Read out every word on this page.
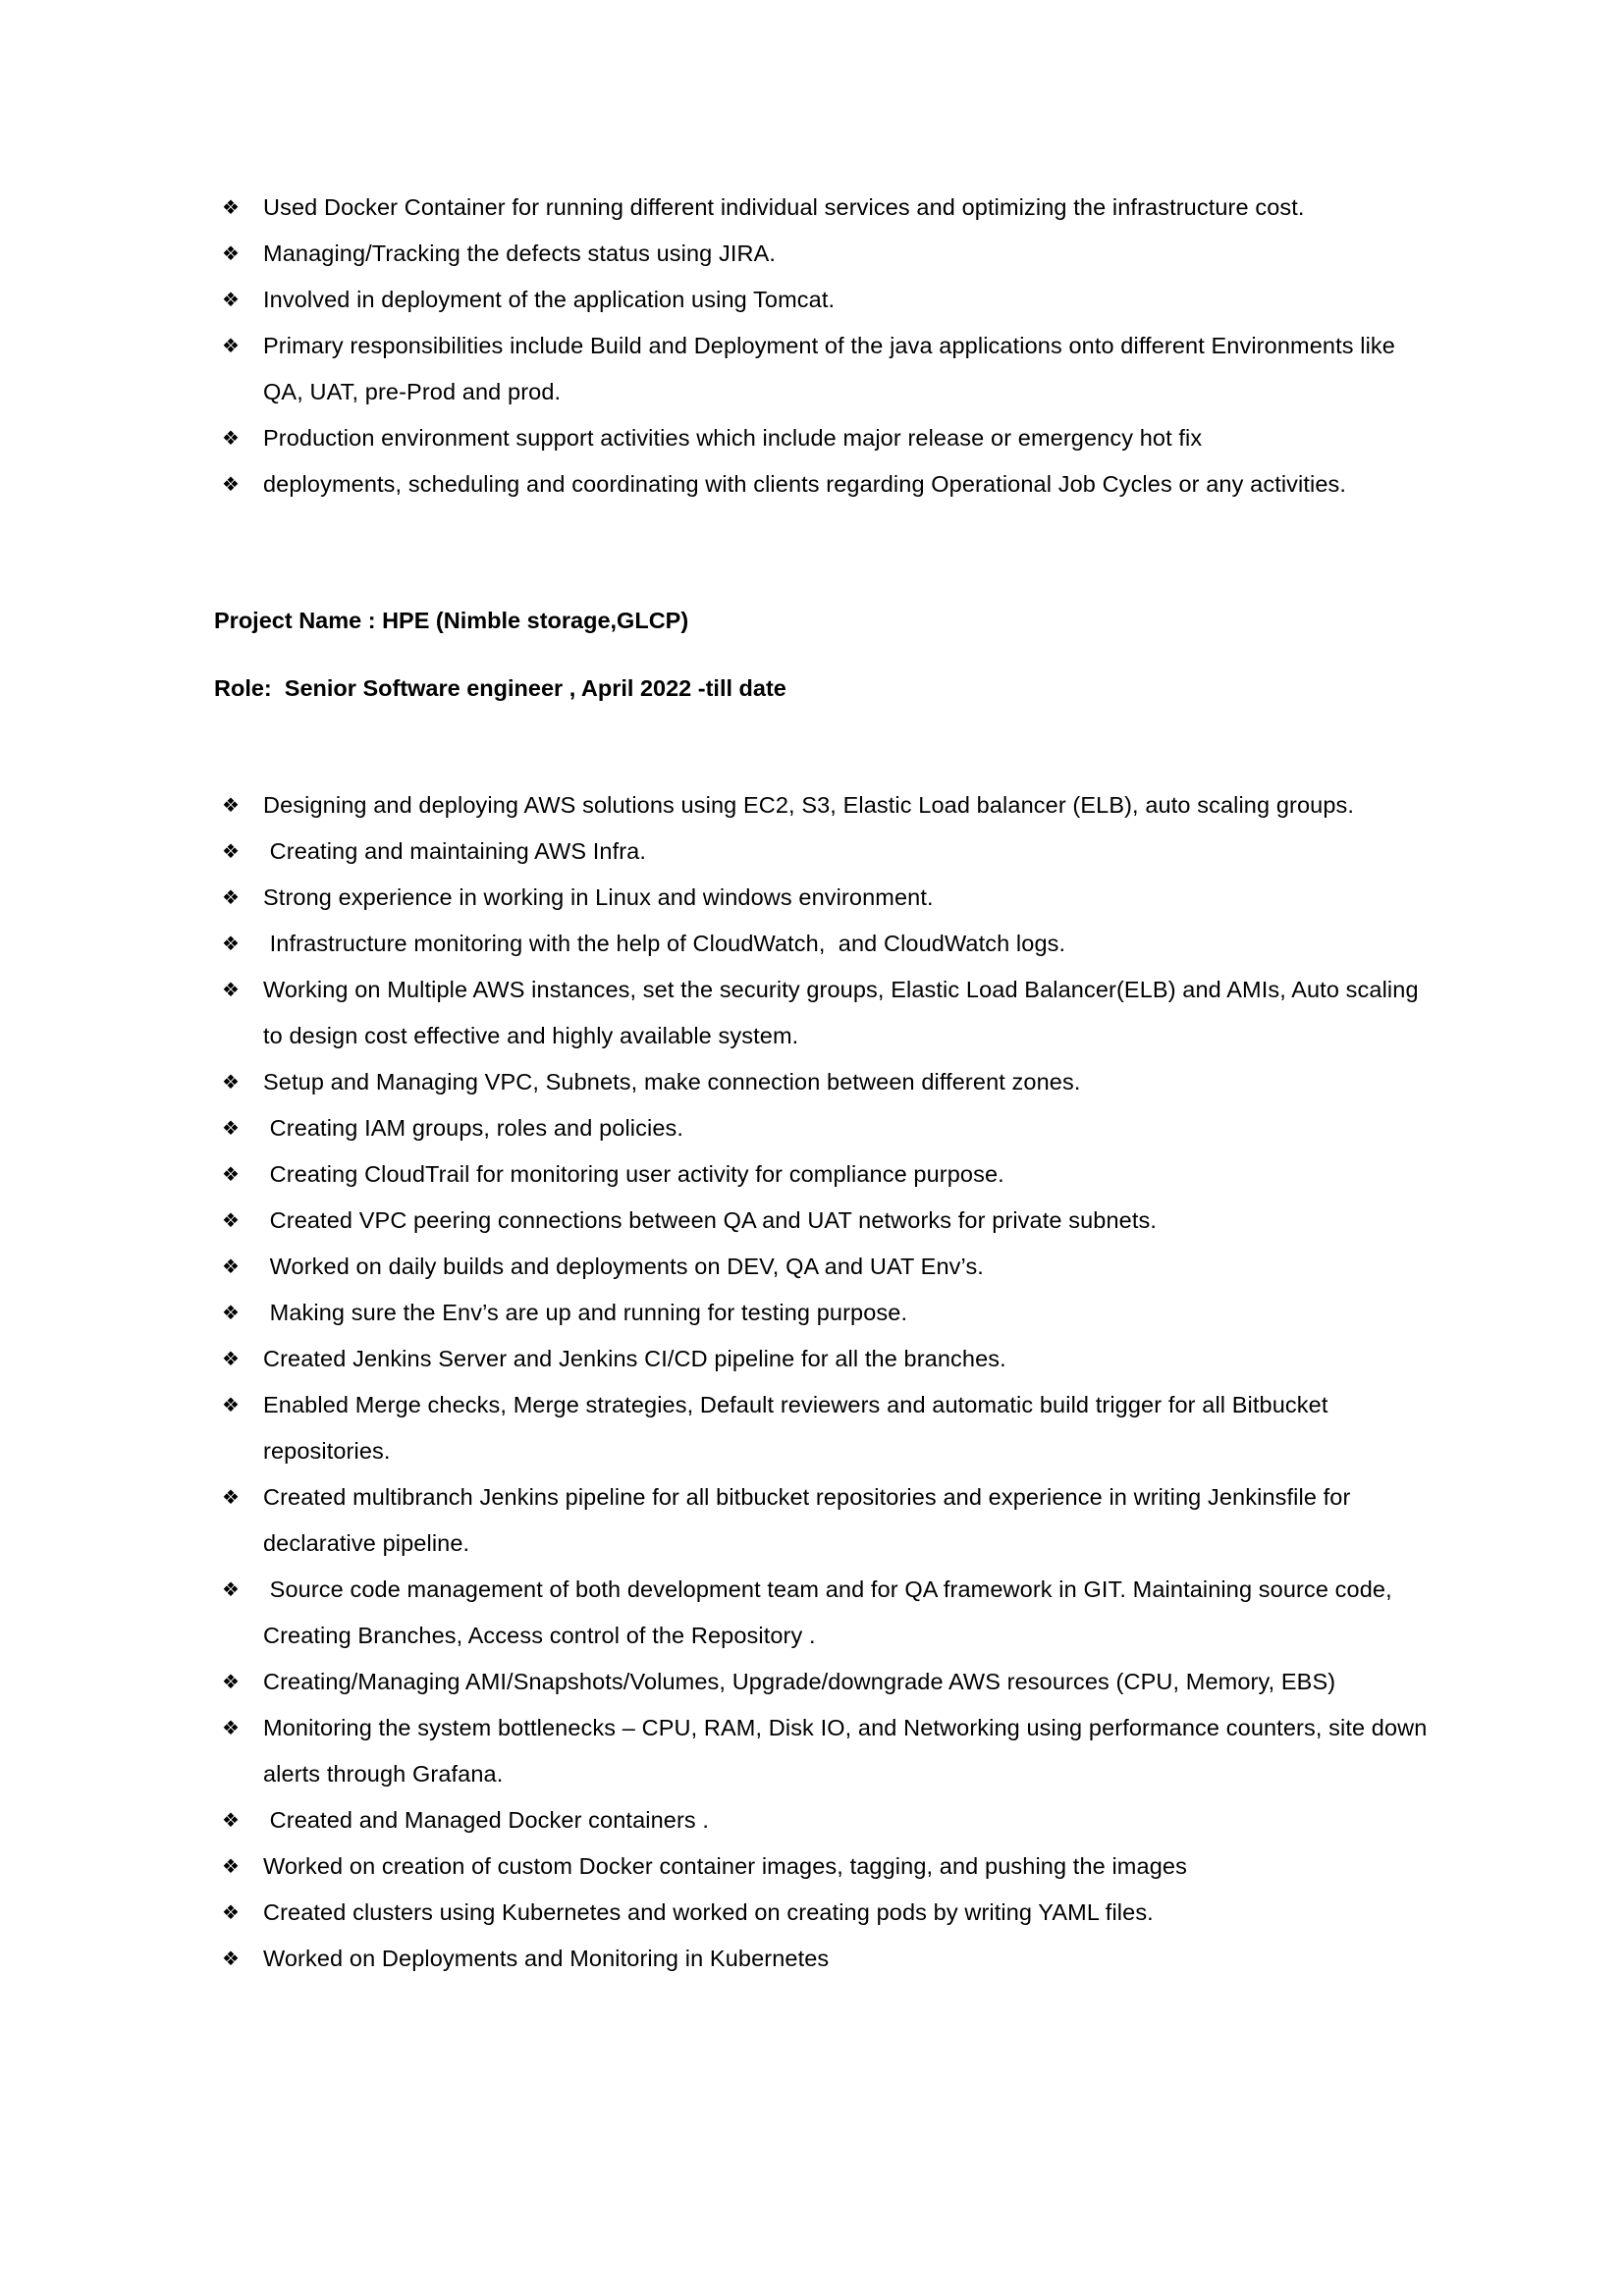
❖ Used Docker Container for running different individual services and optimizing the infrastructure cost.
❖ Managing/Tracking the defects status using JIRA.
❖ Involved in deployment of the application using Tomcat.
❖ Primary responsibilities include Build and Deployment of the java applications onto different Environments like QA, UAT, pre-Prod and prod.
❖ Production environment support activities which include major release or emergency hot fix
❖ deployments, scheduling and coordinating with clients regarding Operational Job Cycles or any activities.

Project Name : HPE (Nimble storage,GLCP)

Role:  Senior Software engineer , April 2022 -till date

❖ Designing and deploying AWS solutions using EC2, S3, Elastic Load balancer (ELB), auto scaling groups.
❖ Creating and maintaining AWS Infra.
❖ Strong experience in working in Linux and windows environment.
❖ Infrastructure monitoring with the help of CloudWatch,  and CloudWatch logs.
❖ Working on Multiple AWS instances, set the security groups, Elastic Load Balancer(ELB) and AMIs, Auto scaling to design cost effective and highly available system.
❖ Setup and Managing VPC, Subnets, make connection between different zones.
❖ Creating IAM groups, roles and policies.
❖ Creating CloudTrail for monitoring user activity for compliance purpose.
❖ Created VPC peering connections between QA and UAT networks for private subnets.
❖ Worked on daily builds and deployments on DEV, QA and UAT Env’s.
❖ Making sure the Env’s are up and running for testing purpose.
❖ Created Jenkins Server and Jenkins CI/CD pipeline for all the branches.
❖ Enabled Merge checks, Merge strategies, Default reviewers and automatic build trigger for all Bitbucket repositories.
❖ Created multibranch Jenkins pipeline for all bitbucket repositories and experience in writing Jenkinsfile for declarative pipeline.
❖ Source code management of both development team and for QA framework in GIT. Maintaining source code, Creating Branches, Access control of the Repository .
❖ Creating/Managing AMI/Snapshots/Volumes, Upgrade/downgrade AWS resources (CPU, Memory, EBS)
❖ Monitoring the system bottlenecks – CPU, RAM, Disk IO, and Networking using performance counters, site down alerts through Grafana.
❖ Created and Managed Docker containers .
❖ Worked on creation of custom Docker container images, tagging, and pushing the images
❖ Created clusters using Kubernetes and worked on creating pods by writing YAML files.
❖ Worked on Deployments and Monitoring in Kubernetes
